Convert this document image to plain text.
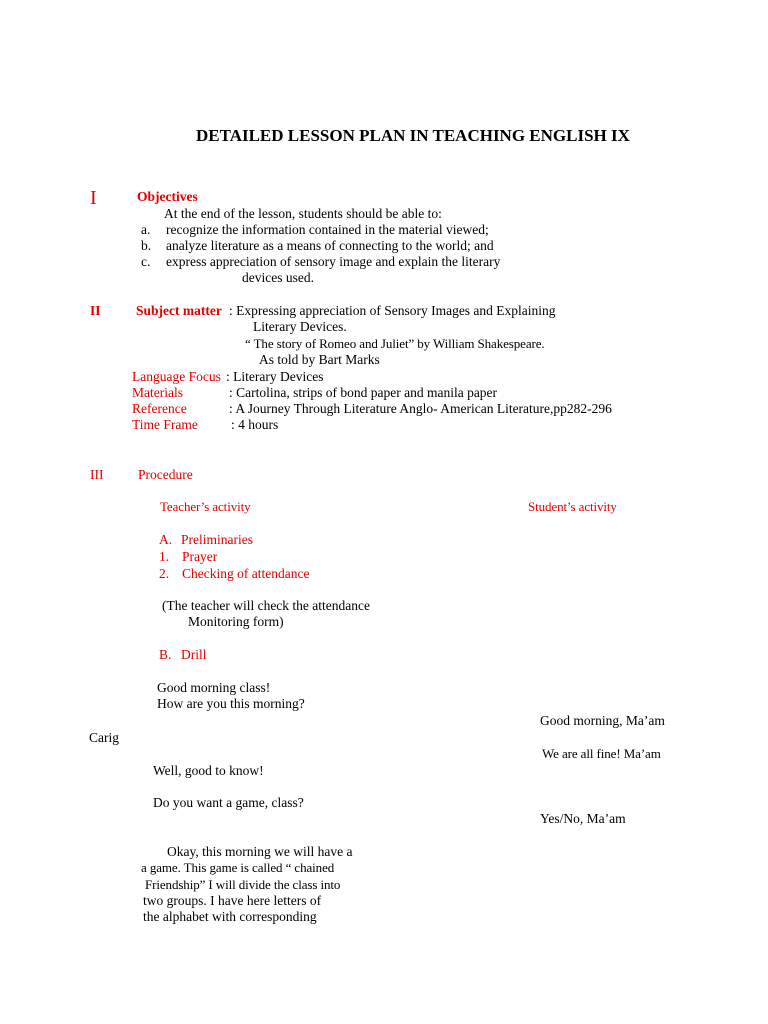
DETAILED LESSON PLAN IN TEACHING ENGLISH IX
I	Objectives
At the end of the lesson, students should be able to:
a. recognize the information contained in the material viewed;
b. analyze literature as a means of connecting to the world; and
c. express appreciation of sensory image and explain the literary
devices used.
II	Subject matter : Expressing appreciation of Sensory Images and Explaining
Literary Devices.
“ The story of Romeo and Juliet” by William Shakespeare.
As told by Bart Marks
Language Focus : Literary Devices
Materials	: Cartolina, strips of bond paper and manila paper
Reference	: A Journey Through Literature Anglo- American Literature,pp282-296
Time Frame : 4 hours
III	Procedure
Teacher’s activity	Student’s activity
A. Preliminaries
1. Prayer
2. Checking of attendance
(The teacher will check the attendance
Monitoring form)
B. Drill
Good morning class!
How are you this morning?
Good morning, Ma’am
Carig
We are all fine! Ma’am
Well, good to know!
Do you want a game, class?
Yes/No, Ma’am
Okay, this morning we will have a
a game. This game is called “ chained
Friendship” I will divide the class into
two groups. I have here letters of
the alphabet with corresponding
